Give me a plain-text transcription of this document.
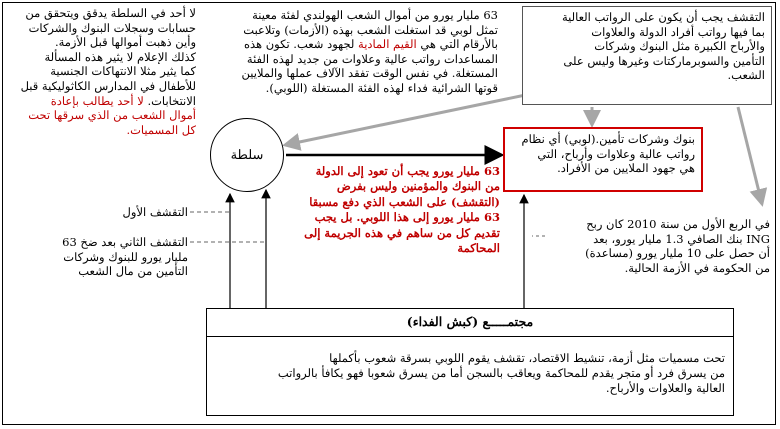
التقشف يجب أن يكون على الرواتب العالية
بما فيها رواتب أفراد الدولة والعلاوات
والأرباح الكبيرة مثل البنوك وشركات
التأمين والسوبرماركتات وغيرها وليس على
الشعب.
63 مليار يورو من أموال الشعب الهولندي لفئة معينة
تمثل لوبي قد استغلت الشعب بهذه (الأزمات) وتلاعبت
بالأرقام التي هي القيم المادية لجهود شعب. تكون هذه
المساعدات رواتب عالية وعلاوات من جديد لهذه الفئة
المستغلة. في نفس الوقت تفقد الآلاف عملها والملايين
قوتها الشرائية فداء لهذه الفئة المستغلة (اللوبي).
لا أحد في السلطة يدقق ويتحقق من
حسابات وسجلات البنوك والشركات
وأين ذهبت أموالها قبل الأزمة.
كذلك الإعلام لا يثير هذه المسألة
كما يثير مثلا الانتهاكات الجنسية
للأطفال في المدارس الكاثوليكية قبل
الانتخابات. لا أحد يطالب بإعادة
أموال الشعب من الذي سرقها تحت
كل المسميات.
سلطة
بنوك وشركات تأمين.(لوبي) أي نظام
رواتب عالية وعلاوات وأرباح، التي
هي جهود الملايين من الأفراد.
63 مليار يورو يجب أن تعود إلى الدولة
من البنوك والمؤمنين وليس بفرض
(التقشف) على الشعب الذي دفع مسبقا
63 مليار يورو إلى هذا اللوبي. بل يجب
تقديم كل من ساهم في هذه الجريمة إلى
المحاكمة
التقشف الأول
التقشف الثاني بعد ضخ 63
مليار يورو للبنوك وشركات
التأمين من مال الشعب
في الربع الأول من سنة 2010 كان ربح
ING بنك الصافي 1.3 مليار يورو، بعد
أن حصل على 10 مليار يورو (مساعدة)
من الحكومة في الأزمة الحالية.
مجتمـــــع (كبش الفداء)
تحت مسميات مثل أزمة، تنشيط الاقتصاد، تقشف يقوم اللوبي بسرقة شعوب بأكملها
من يسرق فرد أو متجر يقدم للمحاكمة ويعاقب بالسجن أما من يسرق شعوبا فهو يكافأ بالرواتب
العالية والعلاوات والأرباح.
